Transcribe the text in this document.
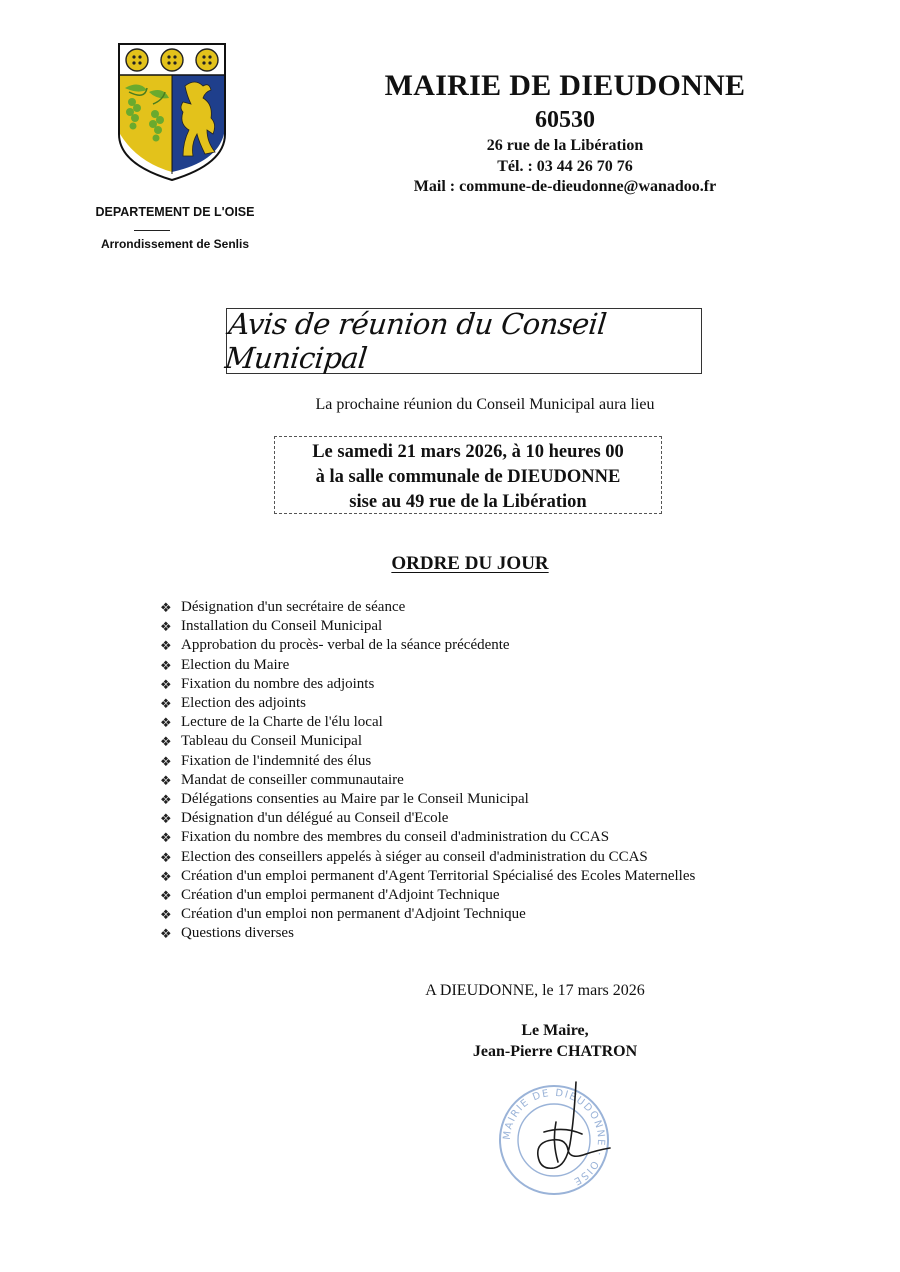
DEPARTEMENT DE L'OISE
Arrondissement de Senlis
MAIRIE DE DIEUDONNE
60530
26 rue de la Libération
Tél. : 03 44 26 70 76
Mail : commune-de-dieudonne@wanadoo.fr
Avis de réunion du Conseil Municipal
La prochaine réunion du Conseil Municipal aura lieu
Le samedi 21 mars 2026, à 10 heures 00
à la salle communale de DIEUDONNE
sise au 49 rue de la Libération
ORDRE DU JOUR
❖ Désignation d'un secrétaire de séance
❖ Installation du Conseil Municipal
❖ Approbation du procès- verbal de la séance précédente
❖ Election du Maire
❖ Fixation du nombre des adjoints
❖ Election des adjoints
❖ Lecture de la Charte de l'élu local
❖ Tableau du Conseil Municipal
❖ Fixation de l'indemnité des élus
❖ Mandat de conseiller communautaire
❖ Délégations consenties au Maire par le Conseil Municipal
❖ Désignation d'un délégué au Conseil d'Ecole
❖ Fixation du nombre des membres du conseil d'administration du CCAS
❖ Election des conseillers appelés à siéger au conseil d'administration du CCAS
❖ Création d'un emploi permanent d'Agent Territorial Spécialisé des Ecoles Maternelles
❖ Création d'un emploi permanent d'Adjoint Technique
❖ Création d'un emploi non permanent d'Adjoint Technique
❖ Questions diverses
A DIEUDONNE, le 17 mars 2026
Le Maire,
Jean-Pierre CHATRON
MAIRIE DE DIEUDONNE · OISE
